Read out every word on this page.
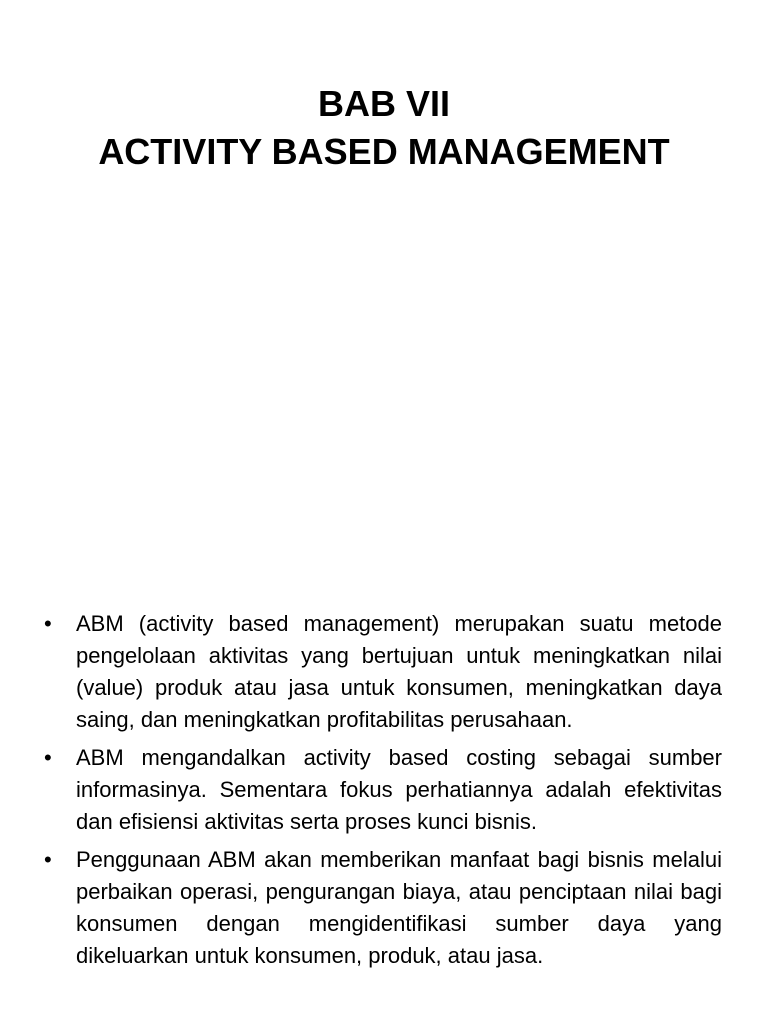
BAB VII
ACTIVITY BASED MANAGEMENT
• ABM (activity based management) merupakan suatu metode pengelolaan aktivitas yang bertujuan untuk meningkatkan nilai (value) produk atau jasa untuk konsumen, meningkatkan daya saing, dan meningkatkan profitabilitas perusahaan.
• ABM mengandalkan activity based costing sebagai sumber informasinya. Sementara fokus perhatiannya adalah efektivitas dan efisiensi aktivitas serta proses kunci bisnis.
• Penggunaan ABM akan memberikan manfaat bagi bisnis melalui perbaikan operasi, pengurangan biaya, atau penciptaan nilai bagi konsumen dengan mengidentifikasi sumber daya yang dikeluarkan untuk konsumen, produk, atau jasa.
